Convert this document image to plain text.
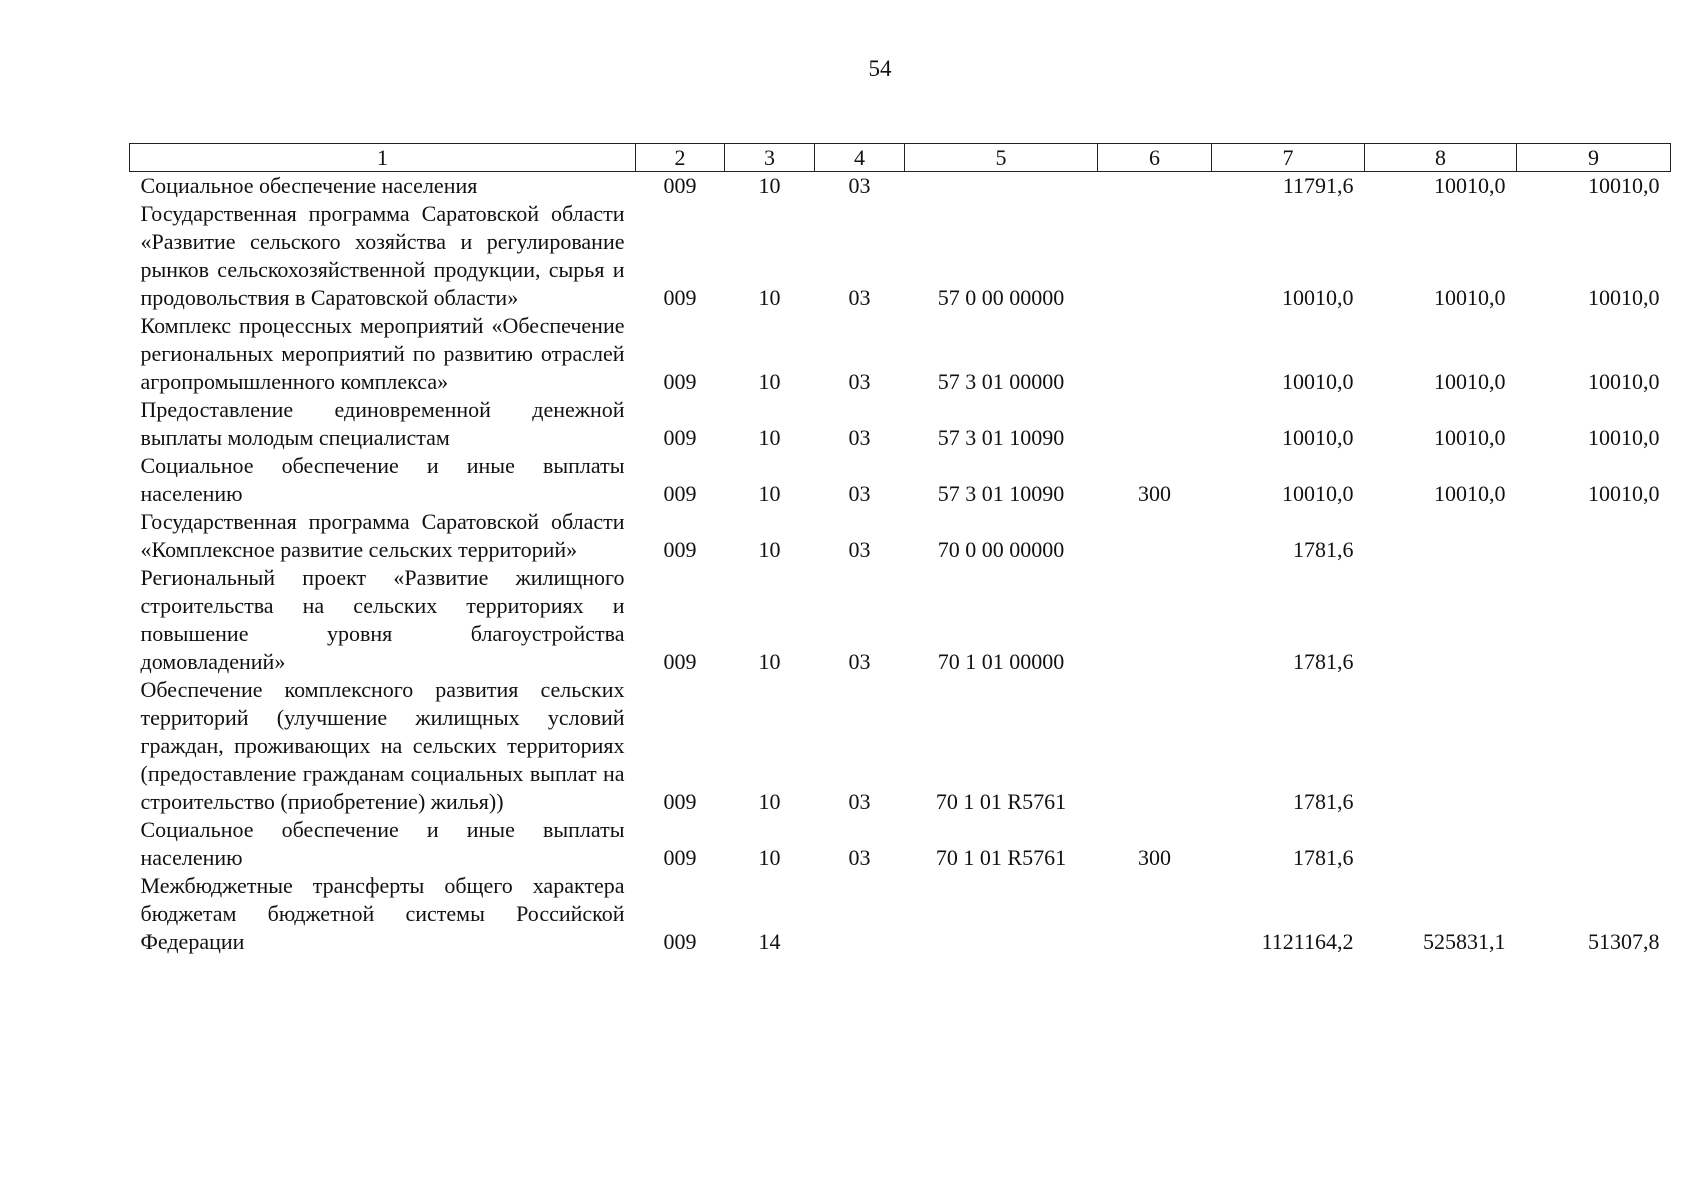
54
1	2	3	4	5	6	7	8	9
Социальное обеспечение населения	009	10	03			11791,6	10010,0	10010,0
Государственная программа Саратовской области «Развитие сельского хозяйства и регулирование рынков сельскохозяйственной продукции, сырья и продовольствия в Саратовской области»	009	10	03	57 0 00 00000		10010,0	10010,0	10010,0
Комплекс процессных мероприятий «Обеспечение региональных мероприятий по развитию отраслей агропромышленного комплекса»	009	10	03	57 3 01 00000		10010,0	10010,0	10010,0
Предоставление единовременной денежной выплаты молодым специалистам	009	10	03	57 3 01 10090		10010,0	10010,0	10010,0
Социальное обеспечение и иные выплаты населению	009	10	03	57 3 01 10090	300	10010,0	10010,0	10010,0
Государственная программа Саратовской области «Комплексное развитие сельских территорий»	009	10	03	70 0 00 00000		1781,6		
Региональный проект «Развитие жилищного строительства на сельских территориях и повышение уровня благоустройства домовладений»	009	10	03	70 1 01 00000		1781,6		
Обеспечение комплексного развития сельских территорий (улучшение жилищных условий граждан, проживающих на сельских территориях (предоставление гражданам социальных выплат на строительство (приобретение) жилья))	009	10	03	70 1 01 R5761		1781,6		
Социальное обеспечение и иные выплаты населению	009	10	03	70 1 01 R5761	300	1781,6		
Межбюджетные трансферты общего характера бюджетам бюджетной системы Российской Федерации	009	14				1121164,2	525831,1	51307,8
